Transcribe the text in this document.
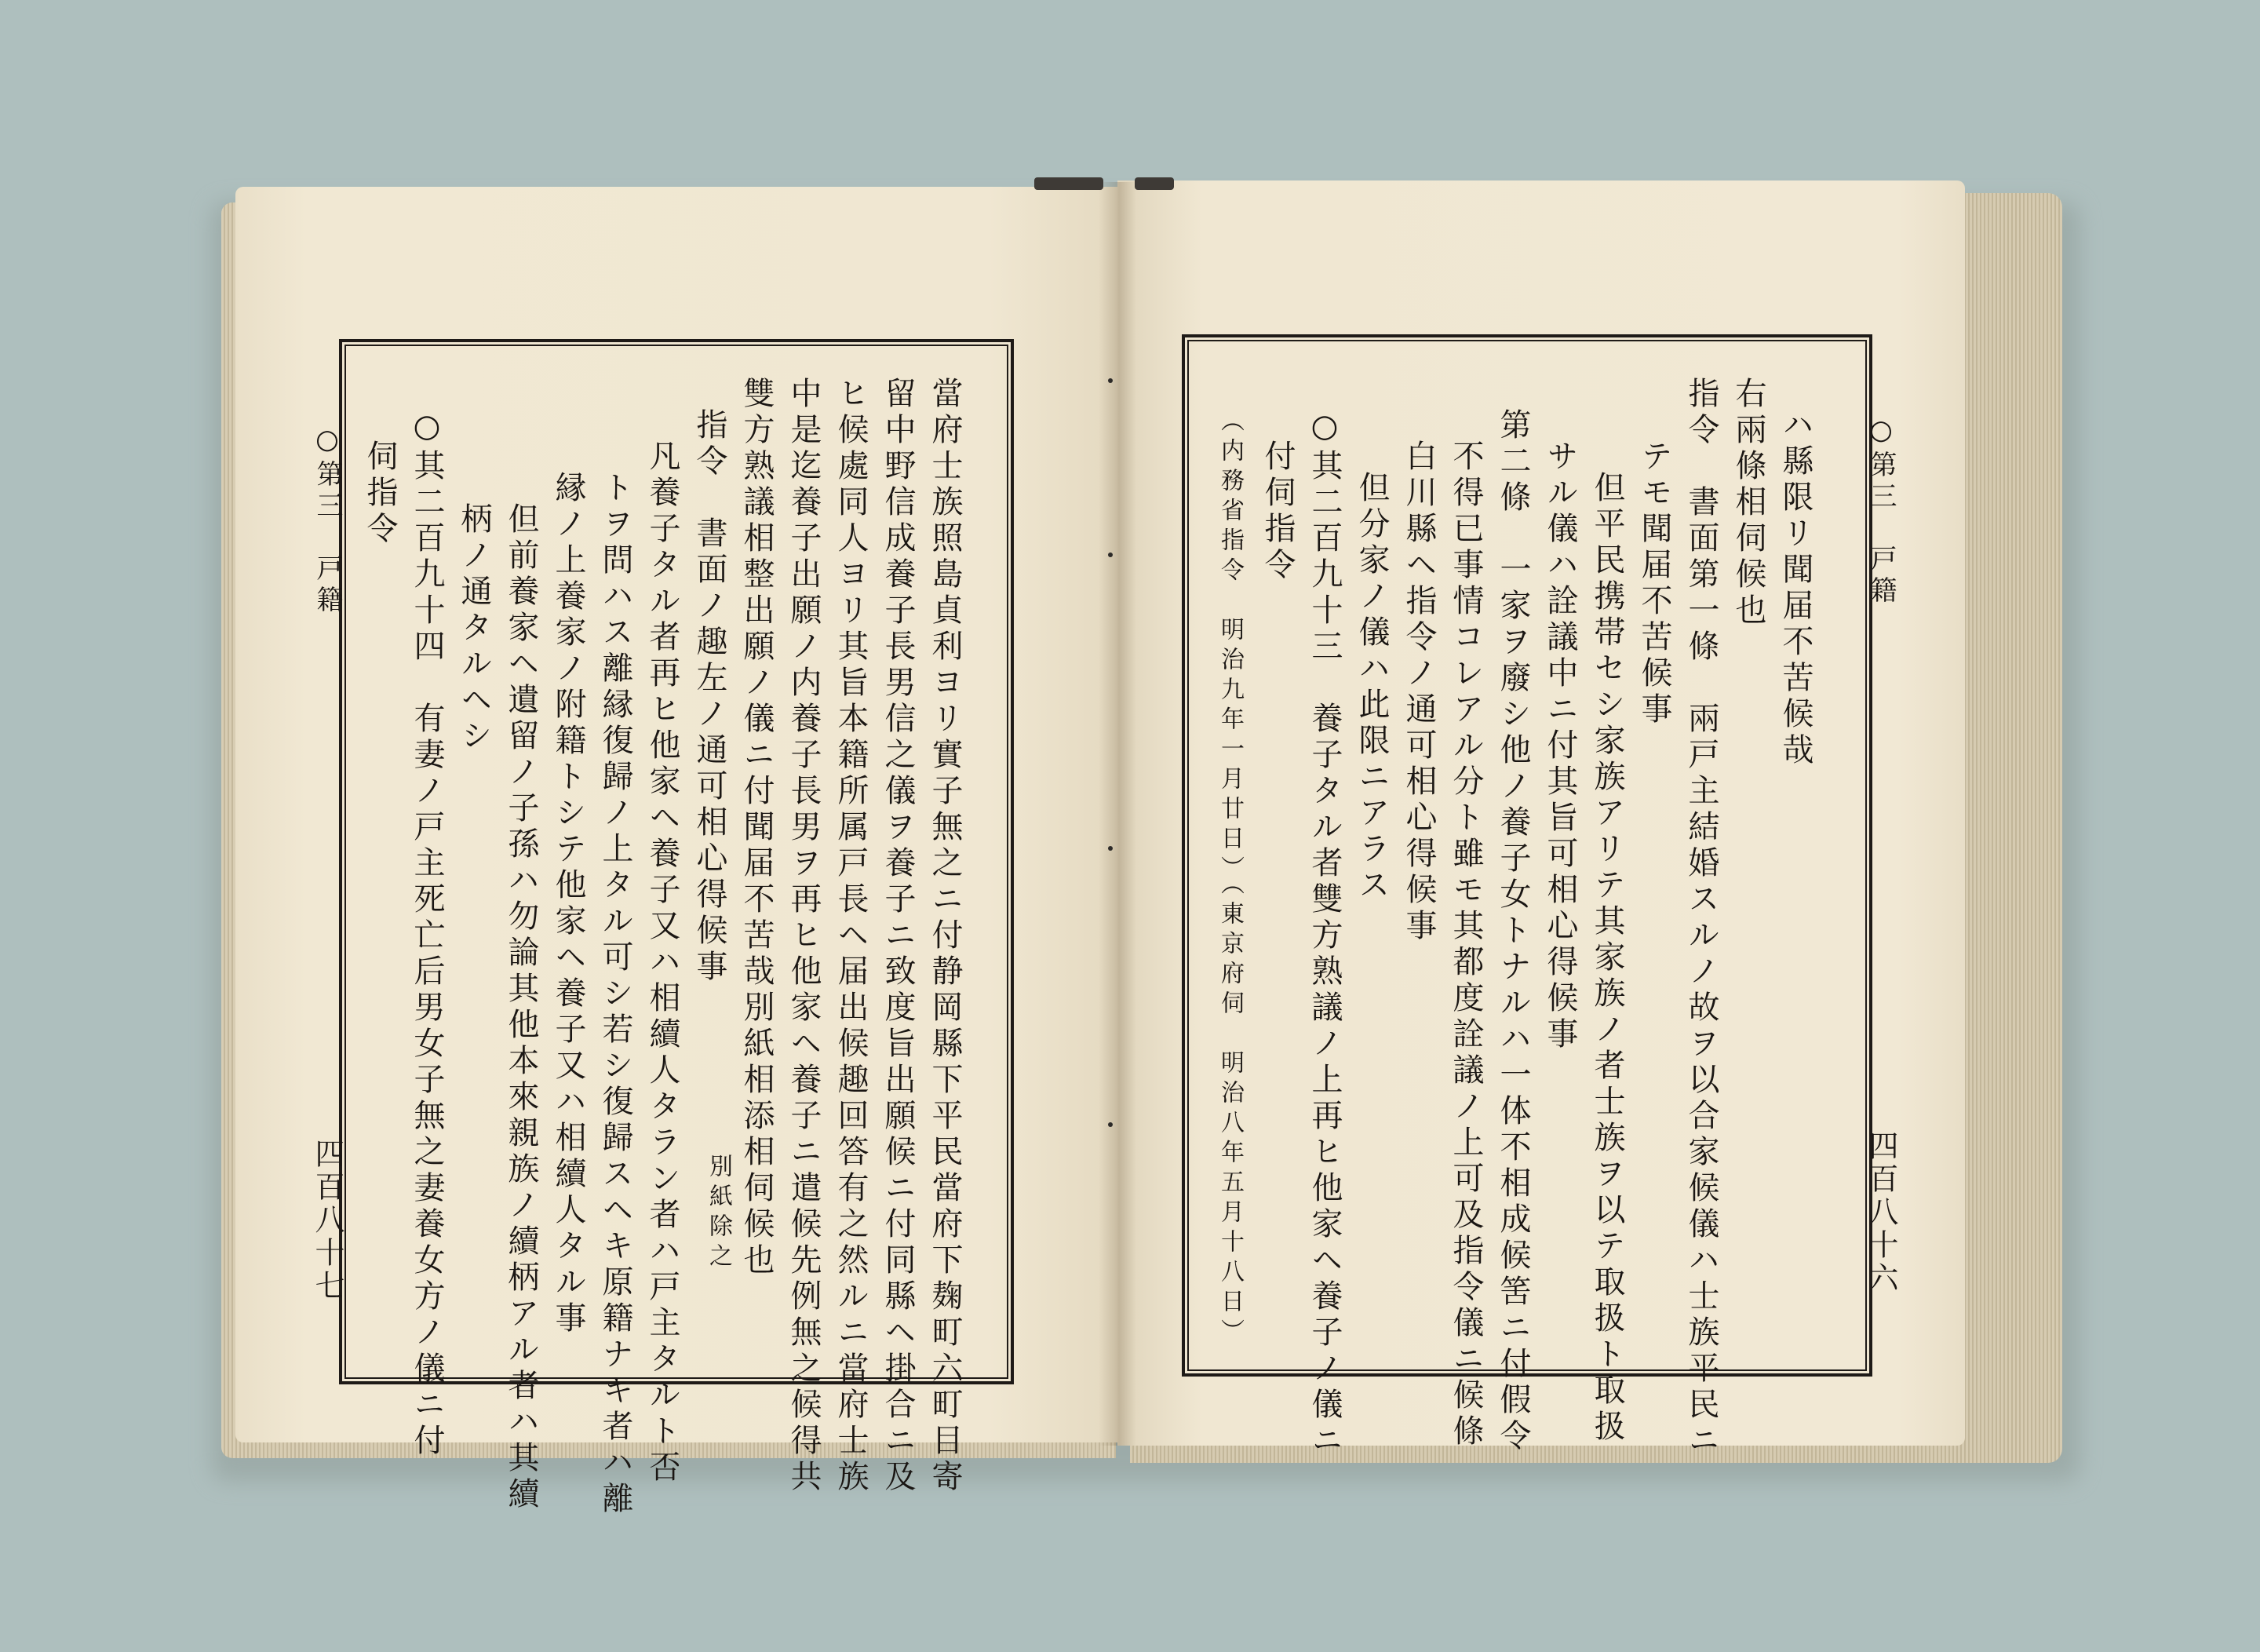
○第三　戸籍
四百八十七	當府士族照島貞利ヨリ實子無之ニ付静岡縣下平民當府下麹町六町目寄
留中野信成養子長男信之儀ヲ養子ニ致度旨出願候ニ付同縣ヘ掛合ニ及
ヒ候處同人ヨリ其旨本籍所属戸長ヘ届出候趣回答有之然ルニ當府士族
中是迄養子出願ノ内養子長男ヲ再ヒ他家ヘ養子ニ遣候先例無之候得共
雙方熟議相整出願ノ儀ニ付聞届不苦哉別紙相添相伺候也
指令　書面ノ趣左ノ通可相心得候事
凡養子タル者再ヒ他家ヘ養子又ハ相續人タラン者ハ戸主タルト否
トヲ問ハス離縁復歸ノ上タル可シ若シ復歸スヘキ原籍ナキ者ハ離
縁ノ上養家ノ附籍トシテ他家ヘ養子又ハ相續人タル事
但前養家ヘ遺留ノ子孫ハ勿論其他本來親族ノ續柄アル者ハ其續
柄ノ通タルヘシ
○其二百九十四　有妻ノ戸主死亡后男女子無之妻養女方ノ儀ニ付
伺指令
別紙除之
○第三　戸籍
四百八十六
ハ縣限リ聞届不苦候哉
右兩條相伺候也
指令　書面第一條　兩戸主結婚スルノ故ヲ以合家候儀ハ士族平民ニ
テモ聞届不苦候事
但平民携帯セシ家族アリテ其家族ノ者士族ヲ以テ取扱ト取扱
サル儀ハ詮議中ニ付其旨可相心得候事
第二條　一家ヲ廢シ他ノ養子女トナルハ一体不相成候筈ニ付假令
不得已事情コレアル分ト雖モ其都度詮議ノ上可及指令儀ニ候條
白川縣ヘ指令ノ通可相心得候事
但分家ノ儀ハ此限ニアラス
○其二百九十三　養子タル者雙方熟議ノ上再ヒ他家ヘ養子ノ儀ニ
付伺指令
（内務省指令　明治九年一月廿日）
（東京府伺　明治八年五月十八日）
